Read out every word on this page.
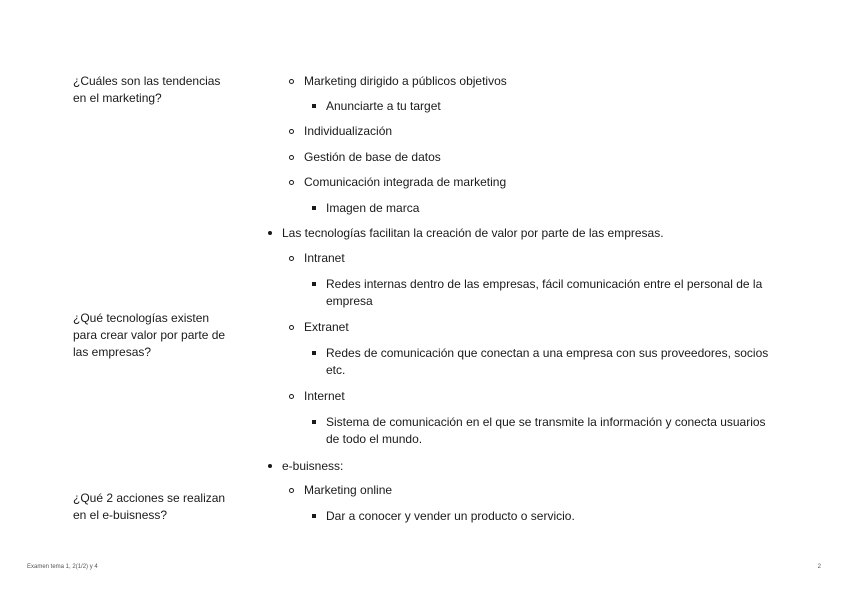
¿Cuáles son las tendencias en el marketing?
¿Qué tecnologías existen para crear valor por parte de las empresas?
¿Qué 2 acciones se realizan en el e-buisness?
Marketing dirigido a públicos objetivos
Anunciarte a tu target
Individualización
Gestión de base de datos
Comunicación integrada de marketing
Imagen de marca
Las tecnologías facilitan la creación de valor por parte de las empresas.
Intranet
Redes internas dentro de las empresas, fácil comunicación entre el personal de la empresa
Extranet
Redes de comunicación que conectan a una empresa con sus proveedores, socios etc.
Internet
Sistema de comunicación en el que se transmite la información y conecta usuarios de todo el mundo.
e-buisness:
Marketing online
Dar a conocer y vender un producto o servicio.
Examen tema 1, 2(1/2) y 4	2
